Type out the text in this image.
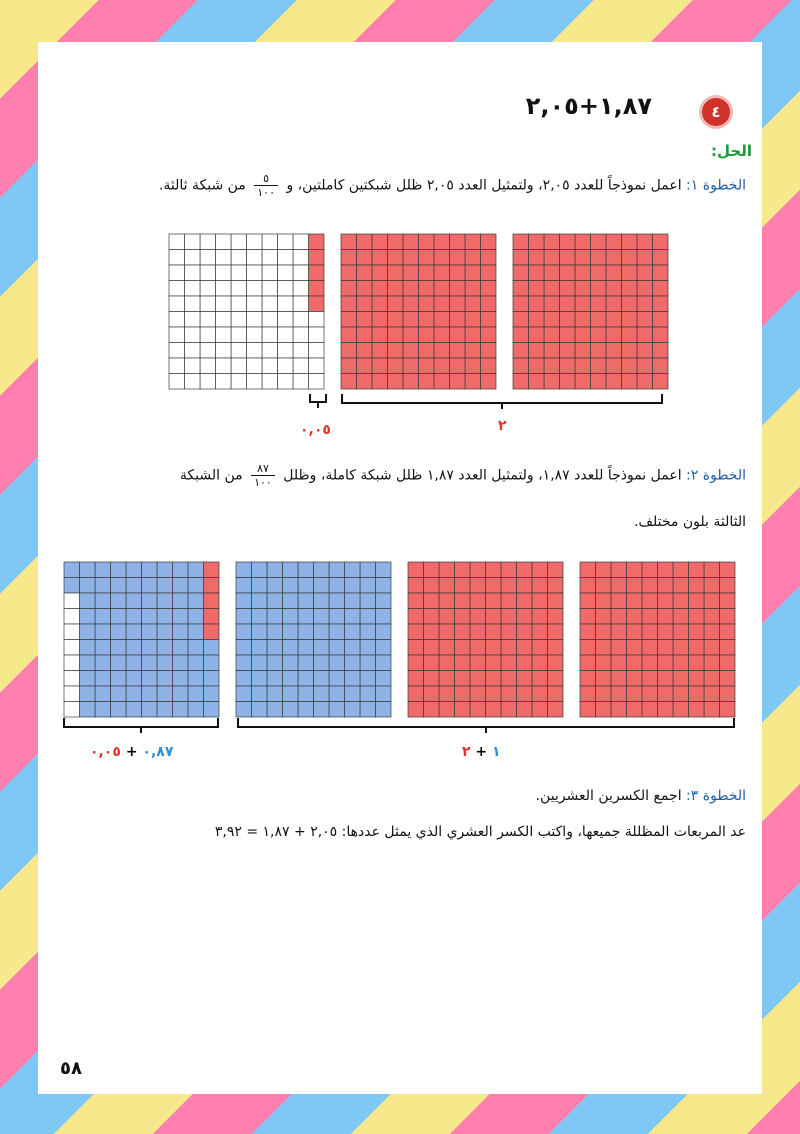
٤
١,٨٧+٢,٠٥
الحل:
الخطوة ١: اعمل نموذجاً للعدد ٢,٠٥، ولتمثيل العدد ٢,٠٥ ظلل شبكتين كاملتين، و
$\frac{٥}{١٠٠}$
من شبكة ثالثة.
٠,٠٥	٢
الخطوة ٢: اعمل نموذجاً للعدد ١,٨٧، ولتمثيل العدد ١,٨٧ ظلل شبكة كاملة، وظلل
$\frac{٨٧}{١٠٠}$
من الشبكة
الثالثة بلون مختلف.
٠,٨٧ + ٠,٠٥	١ + ٢
الخطوة ٣: اجمع الكسرين العشريين.
عد المربعات المظللة جميعها، واكتب الكسر العشري الذي يمثل عددها: ٢,٠٥ + ١,٨٧ = ٣,٩٢
٥٨
